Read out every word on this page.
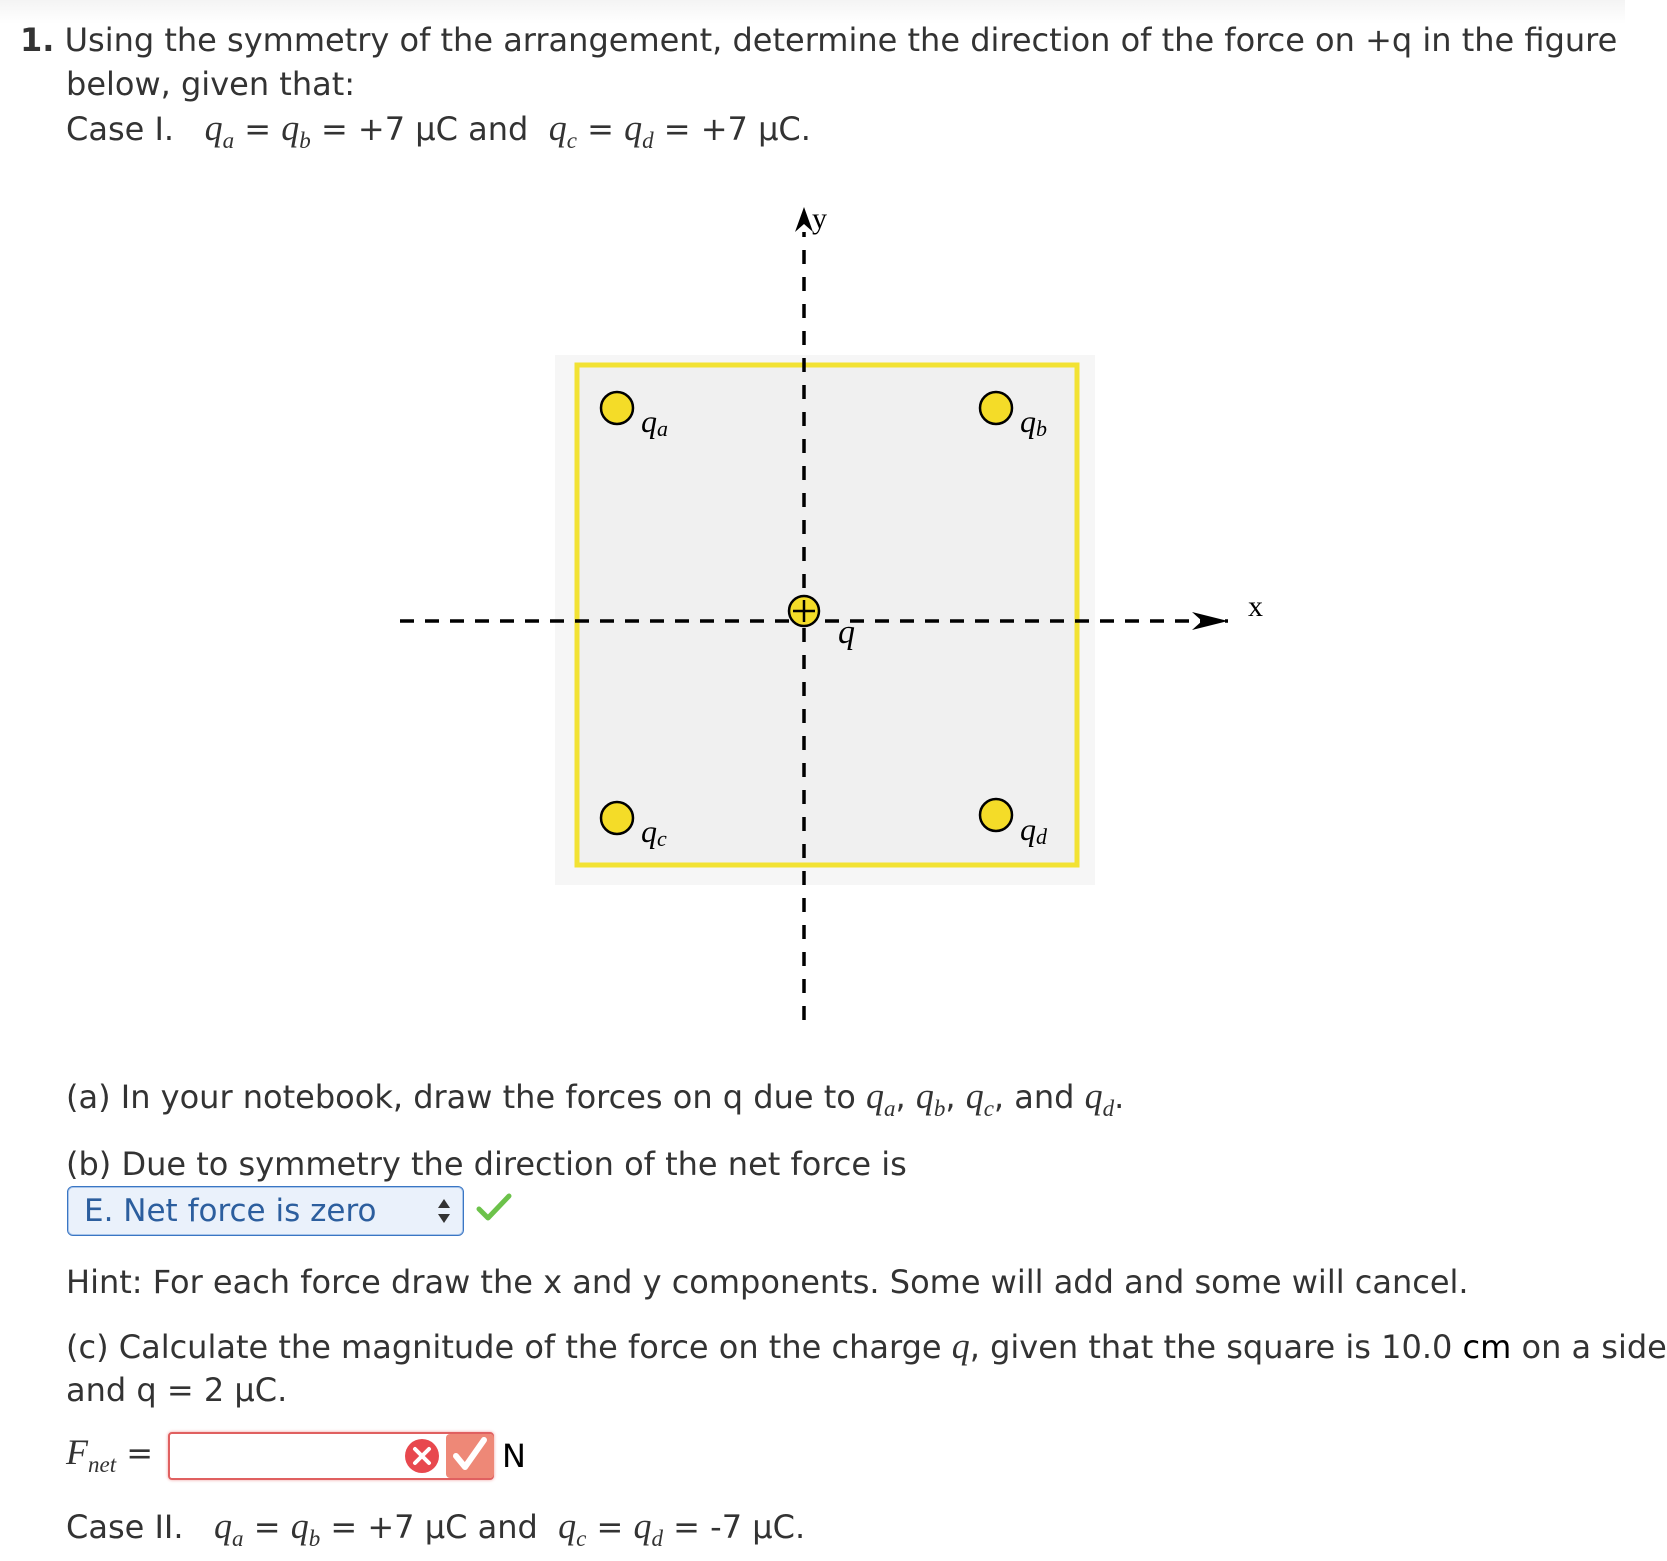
1. Using the symmetry of the arrangement, determine the direction of the force on +q in the figure
below, given that:
Case I. $q_a = q_b = +7$ μC and  $q_c = q_d = +7$ μC.
x
y
q
qa	qb
qc	qd
(a) In your notebook, draw the forces on q due to $q_a$, $q_b$, $q_c$, and $q_d$.
(b) Due to symmetry the direction of the net force is
E. Net force is zero
Hint: For each force draw the x and y components. Some will add and some will cancel.
(c) Calculate the magnitude of the force on the charge q, given that the square is 10.0 cm on a side
and q = 2 μC.
$F_{net}$ =	N
Case II. $q_a = q_b = +7$ μC and  $q_c = q_d = -7$ μC.
